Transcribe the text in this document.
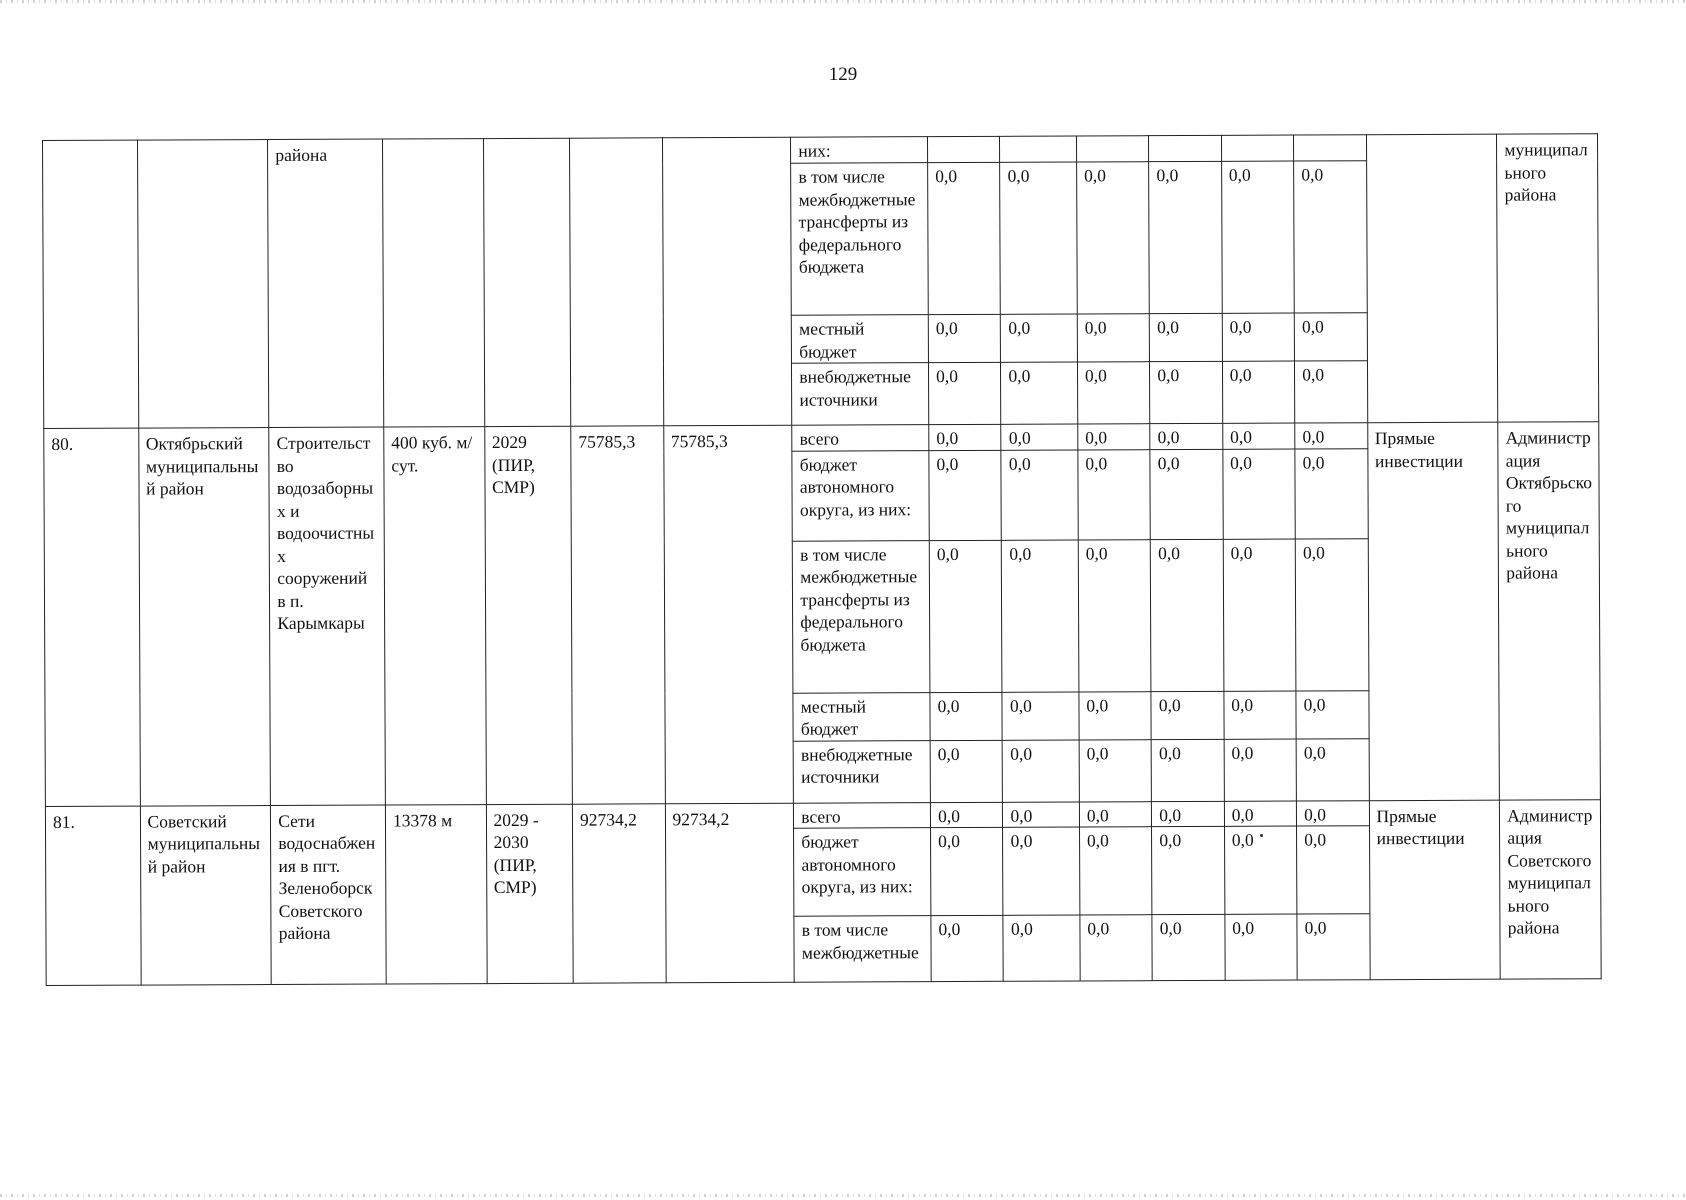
129
		района					них:								муниципального района
							в том числе межбюджетные трансферты из федерального бюджета	0,0	0,0	0,0	0,0	0,0	0,0		
							местный бюджет	0,0	0,0	0,0	0,0	0,0	0,0		
							внебюджетные источники	0,0	0,0	0,0	0,0	0,0	0,0		
80.	Октябрьский муниципальный район	Строительство водозаборных и водоочистных сооружений в п. Карымкары	400 куб. м/сут.	2029 (ПИР, СМР)	75785,3	75785,3	всего	0,0	0,0	0,0	0,0	0,0	0,0	Прямые инвестиции	Администрация Октябрьского муниципального района
							бюджет автономного округа, из них:	0,0	0,0	0,0	0,0	0,0	0,0		
							в том числе межбюджетные трансферты из федерального бюджета	0,0	0,0	0,0	0,0	0,0	0,0		
							местный бюджет	0,0	0,0	0,0	0,0	0,0	0,0		
							внебюджетные источники	0,0	0,0	0,0	0,0	0,0	0,0		
81.	Советский муниципальный район	Сети водоснабжения в пгт. Зеленоборск Советского района	13378 м	2029 - 2030 (ПИР, СМР)	92734,2	92734,2	всего	0,0	0,0	0,0	0,0	0,0	0,0	Прямые инвестиции	Администрация Советского муниципального района
							бюджет автономного округа, из них:	0,0	0,0	0,0	0,0	0,0	0,0		
							в том числе межбюджетные	0,0	0,0	0,0	0,0	0,0	0,0		
